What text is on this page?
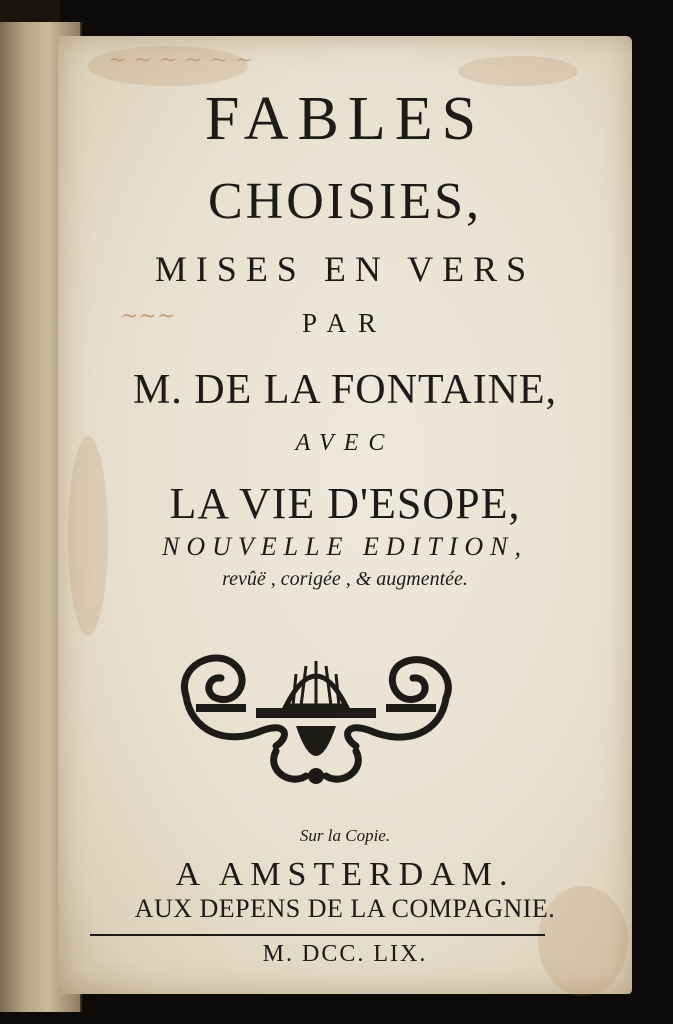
~ ~ ~ ~ ~ ~
~~~

FABLES

CHOISIES,

MISES EN VERS

PAR

M. DE LA FONTAINE,

AVEC

LA VIE D'ESOPE,

NOUVELLE EDITION,

revûë , corigée , & augmentée.

Sur la Copie.

A AMSTERDAM.

AUX DEPENS DE LA COMPAGNIE.

M. DCC. LIX.
